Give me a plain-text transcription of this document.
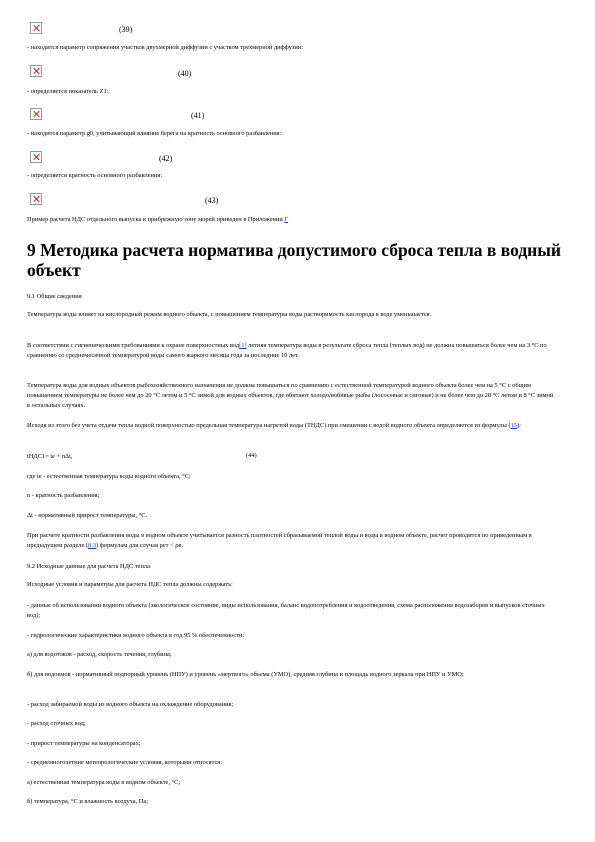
(39)
- находится параметр сопряжения участков двухмерной диффузии с участком трехмерной диффузии:
(40)
- определяется показатель Z1:
(41)
- находится параметр g0, учитывающий влияние берега на кратность основного разбавления:
(42)
- определяется кратность основного разбавления:
(43)
Пример расчета НДС отдельного выпуска в прибрежную зону морей приведен в Приложении Г
9 Методика расчета норматива допустимого сброса тепла в водный объект
9.1 Общие сведения
Температура воды влияет на кислородный режим водного объекта, с повышением температуры воды растворимость кислорода в воде уменьшается.
В соответствии с гигиеническими требованиями к охране поверхностных вод[1] летняя температура воды в результате сброса тепла (теплых вод) не должна повышаться более чем на 3 °С по сравнению со среднемесячной температурой воды самого жаркого месяца года за последние 10 лет.
Температура воды для водных объектов рыбохозяйственного назначения не должна повышаться по сравнению с естественной температурой водного объекта более чем на 5 °С с общим повышением температуры не более чем до 20 °С летом и 5 °С зимой для водных объектов, где обитают холодолюбивые рыбы (лососевые и сиговые) и не более чем до 28 °С летом и 8 °С зимой в остальных случаях.
Исходя из этого без учета отдачи тепла водной поверхностью предельная температура нагретой воды (ТНДС) при смешении с водой водного объекта определяется из формулы (15):
tНДС1= te + nΔt,	(44)
где te - естественная температура воды водного объекта, °С;
n - кратность разбавления;
Δt - нормативный прирост температуры, °С.
При расчете кратности разбавления воды в водном объекте учитывается разность плотностей сбрасываемой теплой воды и воды в водном объекте, расчет проводится по приведенным в предыдущем разделе (8.3) формулам для случая ρст < ρв.
9.2 Исходные данные для расчета НДС тепла
Исходные условия и параметры для расчета НДС тепла должны содержать:
- данные об использовании водного объекта (экологическое состояние, виды использования, баланс водопотребления и водоотведения, схема расположения водозаборов и выпусков сточных вод);
- гидрологические характеристики водного объекта в год 95 % обеспеченности:
а) для водотоков - расход, скорость течения, глубина;
б) для водоемов - нормативный подпорный уровень (НПУ) и уровень «мертвого» объема (УМО), средняя глубина и площадь водного зеркала при НПУ и УМО;
- расход забираемой воды из водного объекта на охлаждение оборудования;
- расход сточных вод;
- прирост температуры на конденсаторах;
- среднемноголетние метеорологические условия, которыми относятся:
а) естественная температура воды в водном объекте, °С;
б) температура, °С и влажность воздуха, Па;
